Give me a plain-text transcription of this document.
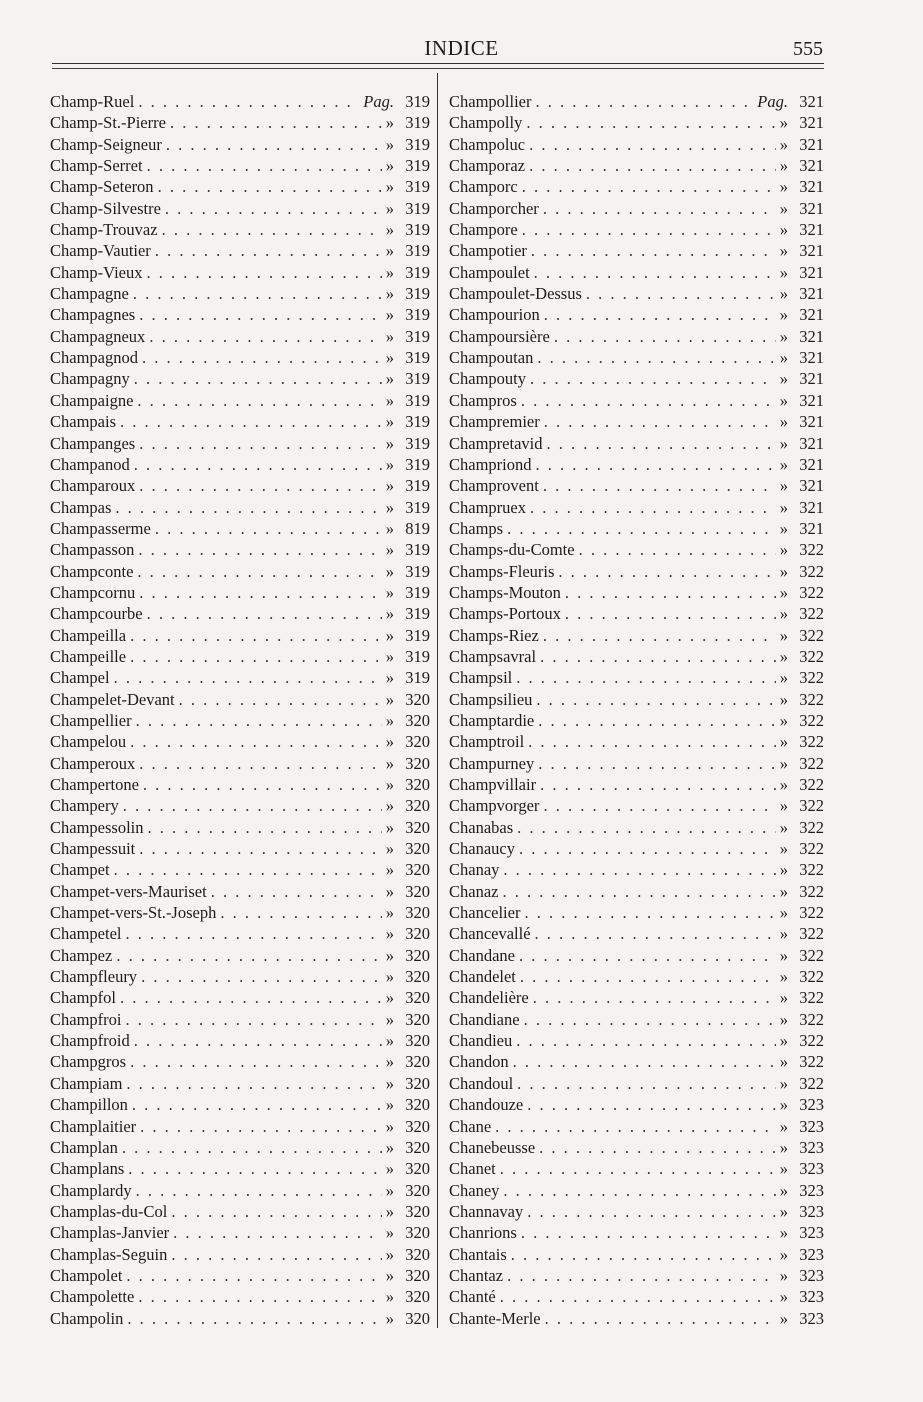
INDICE	555
Champ-Ruel . . .	Pag. 319
Champ-St.-Pierre . . .	» 319
Champ-Seigneur . . .	» 319
Champ-Serret . . .	» 319
Champ-Seteron . . .	» 319
Champ-Silvestre . . .	» 319
Champ-Trouvaz . . .	» 319
Champ-Vautier . . .	» 319
Champ-Vieux . . .	» 319
Champagne . . .	» 319
Champagnes . . .	» 319
Champagneux . . .	» 319
Champagnod . . .	» 319
Champagny . . .	» 319
Champaigne . . .	» 319
Champais . . .	» 319
Champanges . . .	» 319
Champanod . . .	» 319
Champaroux . . .	» 319
Champas . . .	» 319
Champasserme . . .	» 819
Champasson . . .	» 319
Champconte . . .	» 319
Champcornu . . .	» 319
Champcourbe . . .	» 319
Champeilla . . .	» 319
Champeille . . .	» 319
Champel . . .	» 319
Champelet-Devant . . .	» 320
Champellier . . .	» 320
Champelou . . .	» 320
Champeroux . . .	» 320
Champertone . . .	» 320
Champery . . .	» 320
Champessolin . . .	» 320
Champessuit . . .	» 320
Champet . . .	» 320
Champet-vers-Mauriset . . .	» 320
Champet-vers-St.-Joseph . . .	» 320
Champetel . . .	» 320
Champez . . .	» 320
Champfleury . . .	» 320
Champfol . . .	» 320
Champfroi . . .	» 320
Champfroid . . .	» 320
Champgros . . .	» 320
Champiam . . .	» 320
Champillon . . .	» 320
Champlaitier . . .	» 320
Champlan . . .	» 320
Champlans . . .	» 320
Champlardy . . .	» 320
Champlas-du-Col . . .	» 320
Champlas-Janvier . . .	» 320
Champlas-Seguin . . .	» 320
Champolet . . .	» 320
Champolette . . .	» 320
Champolin . . .	» 320
Champollier . . .	Pag. 321
Champolly . . .	» 321
Champoluc . . .	» 321
Champoraz . . .	» 321
Champorc . . .	» 321
Champorcher . . .	» 321
Champore . . .	» 321
Champotier . . .	» 321
Champoulet . . .	» 321
Champoulet-Dessus . . .	» 321
Champourion . . .	» 321
Champoursière . . .	» 321
Champoutan . . .	» 321
Champouty . . .	» 321
Champros . . .	» 321
Champremier . . .	» 321
Champretavid . . .	» 321
Champriond . . .	» 321
Champrovent . . .	» 321
Champruex . . .	» 321
Champs . . .	» 321
Champs-du-Comte . . .	» 322
Champs-Fleuris . . .	» 322
Champs-Mouton . . .	» 322
Champs-Portoux . . .	» 322
Champs-Riez . . .	» 322
Champsavral . . .	» 322
Champsil . . .	» 322
Champsilieu . . .	» 322
Champtardie . . .	» 322
Champtroil . . .	» 322
Champurney . . .	» 322
Champvillair . . .	» 322
Champvorger . . .	» 322
Chanabas . . .	» 322
Chanaucy . . .	» 322
Chanay . . .	» 322
Chanaz . . .	» 322
Chancelier . . .	» 322
Chancevallé . . .	» 322
Chandane . . .	» 322
Chandelet . . .	» 322
Chandelière . . .	» 322
Chandiane . . .	» 322
Chandieu . . .	» 322
Chandon . . .	» 322
Chandoul . . .	» 322
Chandouze . . .	» 323
Chane . . .	» 323
Chanebeusse . . .	» 323
Chanet . . .	» 323
Chaney . . .	» 323
Channavay . . .	» 323
Chanrions . . .	» 323
Chantais . . .	» 323
Chantaz . . .	» 323
Chanté . . .	» 323
Chante-Merle . . .	» 323
